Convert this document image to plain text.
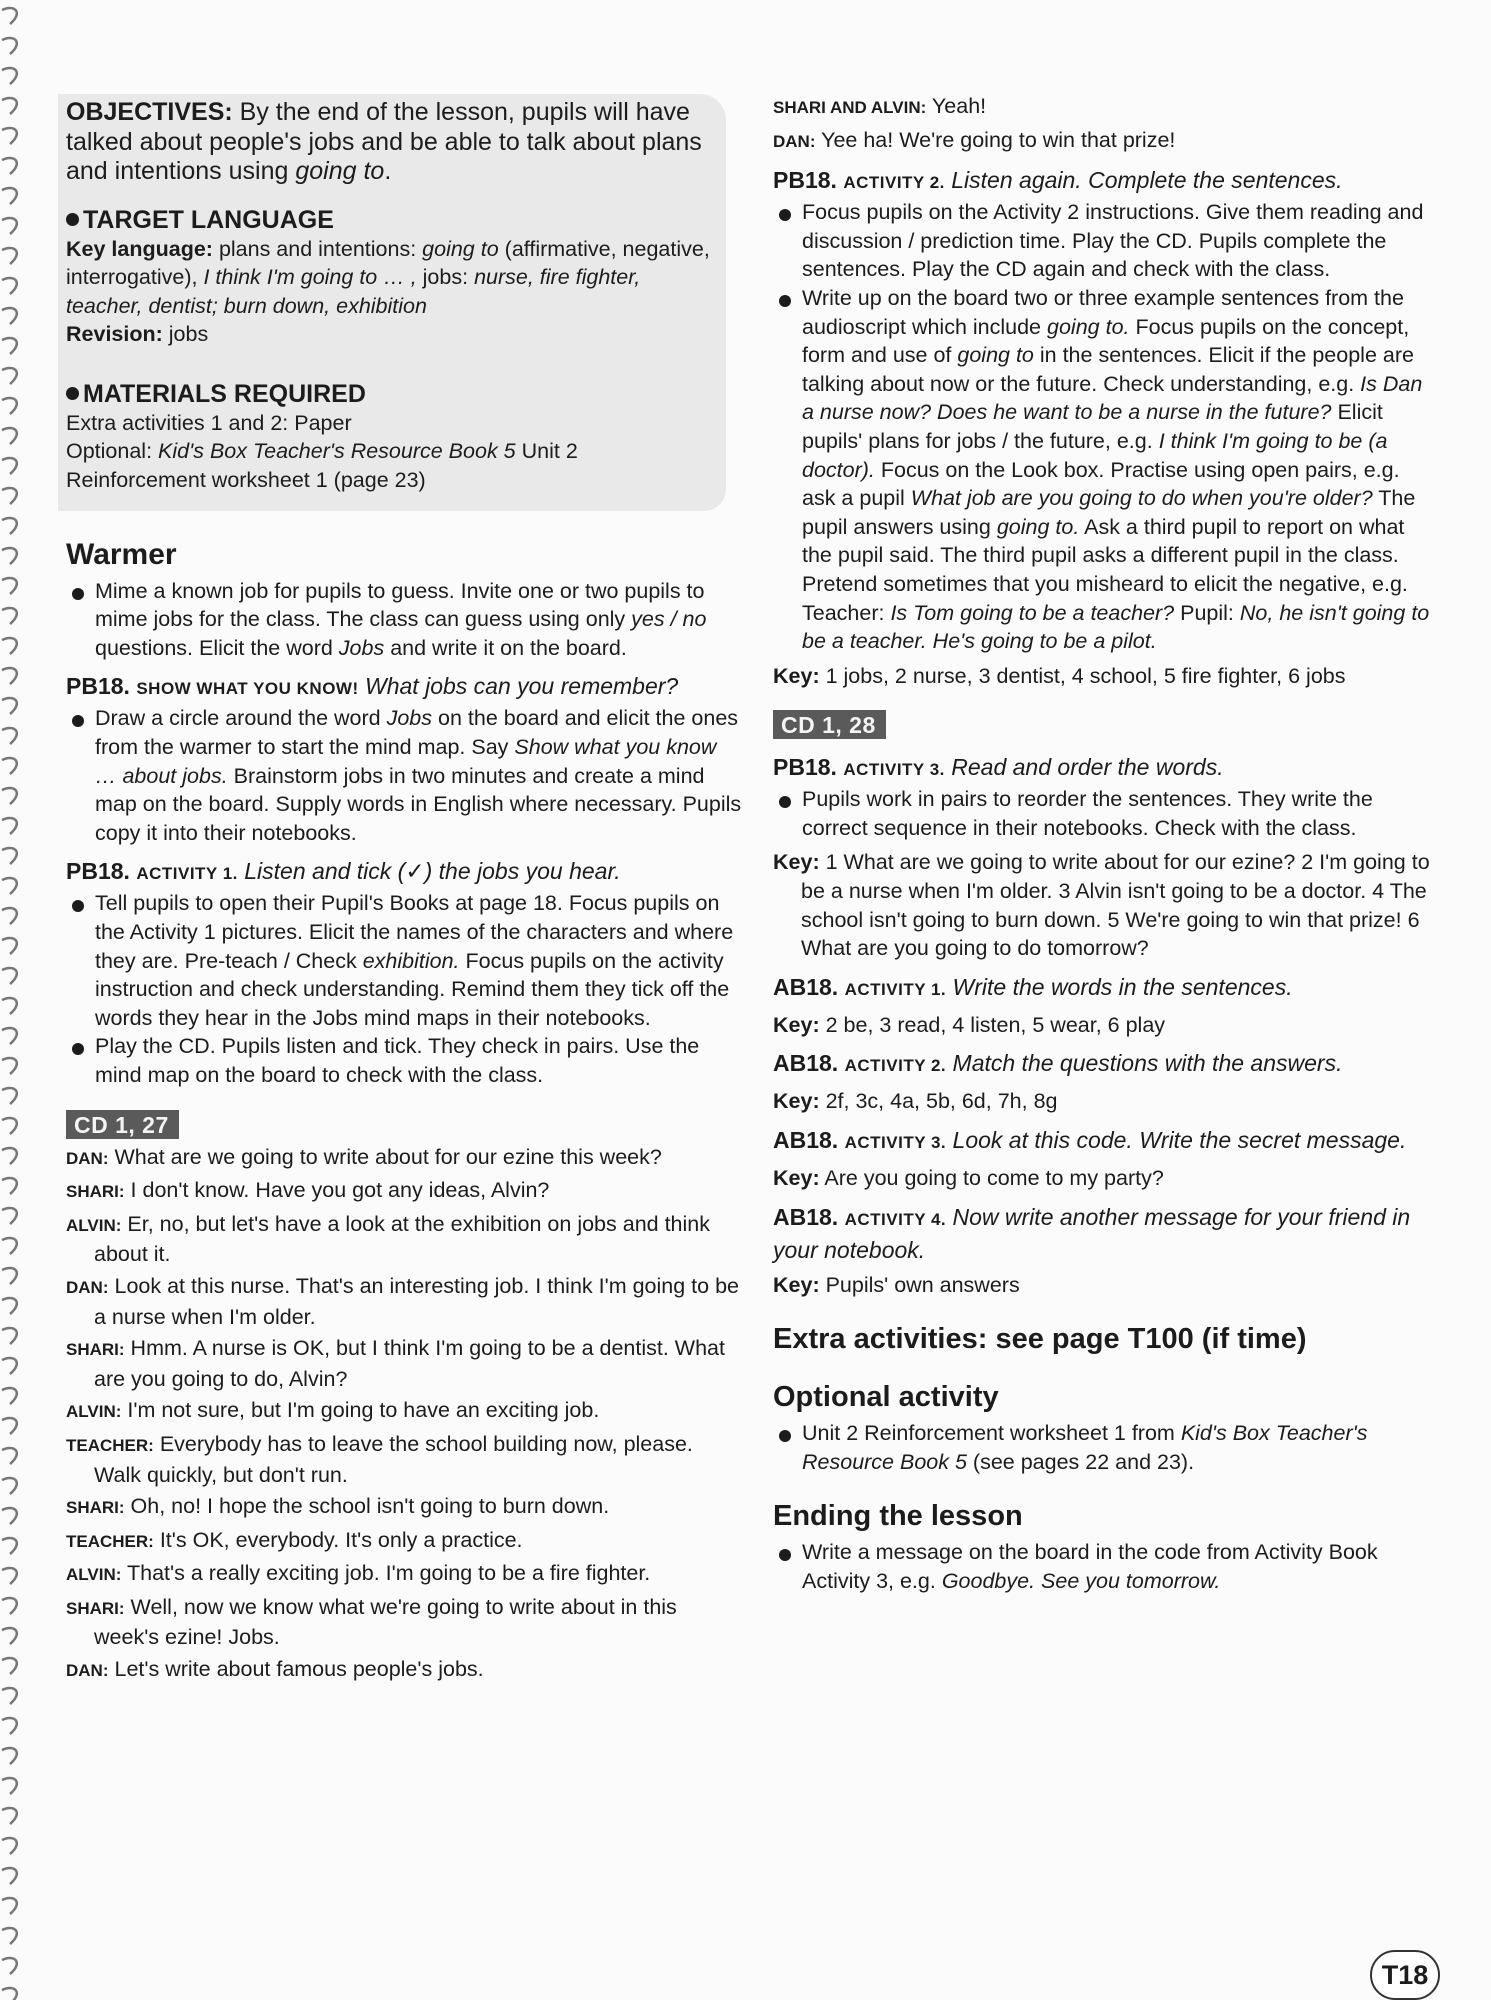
OBJECTIVES: By the end of the lesson, pupils will have talked about people's jobs and be able to talk about plans and intentions using going to.
TARGET LANGUAGE

Key language: plans and intentions: going to (affirmative, negative, interrogative), I think I'm going to … , jobs: nurse, fire fighter, teacher, dentist; burn down, exhibition

Revision: jobs

MATERIALS REQUIRED

Extra activities 1 and 2: Paper

Optional: Kid's Box Teacher's Resource Book 5 Unit 2

Reinforcement worksheet 1 (page 23)

Warmer
Mime a known job for pupils to guess. Invite one or two pupils to mime jobs for the class. The class can guess using only yes / no questions. Elicit the word Jobs and write it on the board.
PB18. SHOW WHAT YOU KNOW! What jobs can you remember?
Draw a circle around the word Jobs on the board and elicit the ones from the warmer to start the mind map. Say Show what you know … about jobs. Brainstorm jobs in two minutes and create a mind map on the board. Supply words in English where necessary. Pupils copy it into their notebooks.
PB18. ACTIVITY 1. Listen and tick (✓) the jobs you hear.
Tell pupils to open their Pupil's Books at page 18. Focus pupils on the Activity 1 pictures. Elicit the names of the characters and where they are. Pre-teach / Check exhibition. Focus pupils on the activity instruction and check understanding. Remind them they tick off the words they hear in the Jobs mind maps in their notebooks.
Play the CD. Pupils listen and tick. They check in pairs. Use the mind map on the board to check with the class.
CD 1, 27

DAN: What are we going to write about for our ezine this week?

SHARI: I don't know. Have you got any ideas, Alvin?

ALVIN: Er, no, but let's have a look at the exhibition on jobs and think about it.

DAN: Look at this nurse. That's an interesting job. I think I'm going to be a nurse when I'm older.

SHARI: Hmm. A nurse is OK, but I think I'm going to be a dentist. What are you going to do, Alvin?

ALVIN: I'm not sure, but I'm going to have an exciting job.

TEACHER: Everybody has to leave the school building now, please. Walk quickly, but don't run.

SHARI: Oh, no! I hope the school isn't going to burn down.

TEACHER: It's OK, everybody. It's only a practice.

ALVIN: That's a really exciting job. I'm going to be a fire fighter.

SHARI: Well, now we know what we're going to write about in this week's ezine! Jobs.

DAN: Let's write about famous people's jobs.

SHARI AND ALVIN: Yeah!

DAN: Yee ha! We're going to win that prize!

PB18. ACTIVITY 2. Listen again. Complete the sentences.
Focus pupils on the Activity 2 instructions. Give them reading and discussion / prediction time. Play the CD. Pupils complete the sentences. Play the CD again and check with the class.
Write up on the board two or three example sentences from the audioscript which include going to. Focus pupils on the concept, form and use of going to in the sentences. Elicit if the people are talking about now or the future. Check understanding, e.g. Is Dan a nurse now? Does he want to be a nurse in the future? Elicit pupils' plans for jobs / the future, e.g. I think I'm going to be (a doctor). Focus on the Look box. Practise using open pairs, e.g. ask a pupil What job are you going to do when you're older? The pupil answers using going to. Ask a third pupil to report on what the pupil said. The third pupil asks a different pupil in the class. Pretend sometimes that you misheard to elicit the negative, e.g. Teacher: Is Tom going to be a teacher? Pupil: No, he isn't going to be a teacher. He's going to be a pilot.

Key: 1 jobs, 2 nurse, 3 dentist, 4 school, 5 fire fighter, 6 jobs

CD 1, 28
PB18. ACTIVITY 3. Read and order the words.
Pupils work in pairs to reorder the sentences. They write the correct sequence in their notebooks. Check with the class.

Key: 1 What are we going to write about for our ezine? 2 I'm going to be a nurse when I'm older. 3 Alvin isn't going to be a doctor. 4 The school isn't going to burn down. 5 We're going to win that prize! 6 What are you going to do tomorrow?

AB18. ACTIVITY 1. Write the words in the sentences.

Key: 2 be, 3 read, 4 listen, 5 wear, 6 play

AB18. ACTIVITY 2. Match the questions with the answers.

Key: 2f, 3c, 4a, 5b, 6d, 7h, 8g

AB18. ACTIVITY 3. Look at this code. Write the secret message.

Key: Are you going to come to my party?

AB18. ACTIVITY 4. Now write another message for your friend in your notebook.

Key: Pupils' own answers

Extra activities: see page T100 (if time)
Optional activity
Unit 2 Reinforcement worksheet 1 from Kid's Box Teacher's Resource Book 5 (see pages 22 and 23).
Ending the lesson
Write a message on the board in the code from Activity Book Activity 3, e.g. Goodbye. See you tomorrow.
T18
